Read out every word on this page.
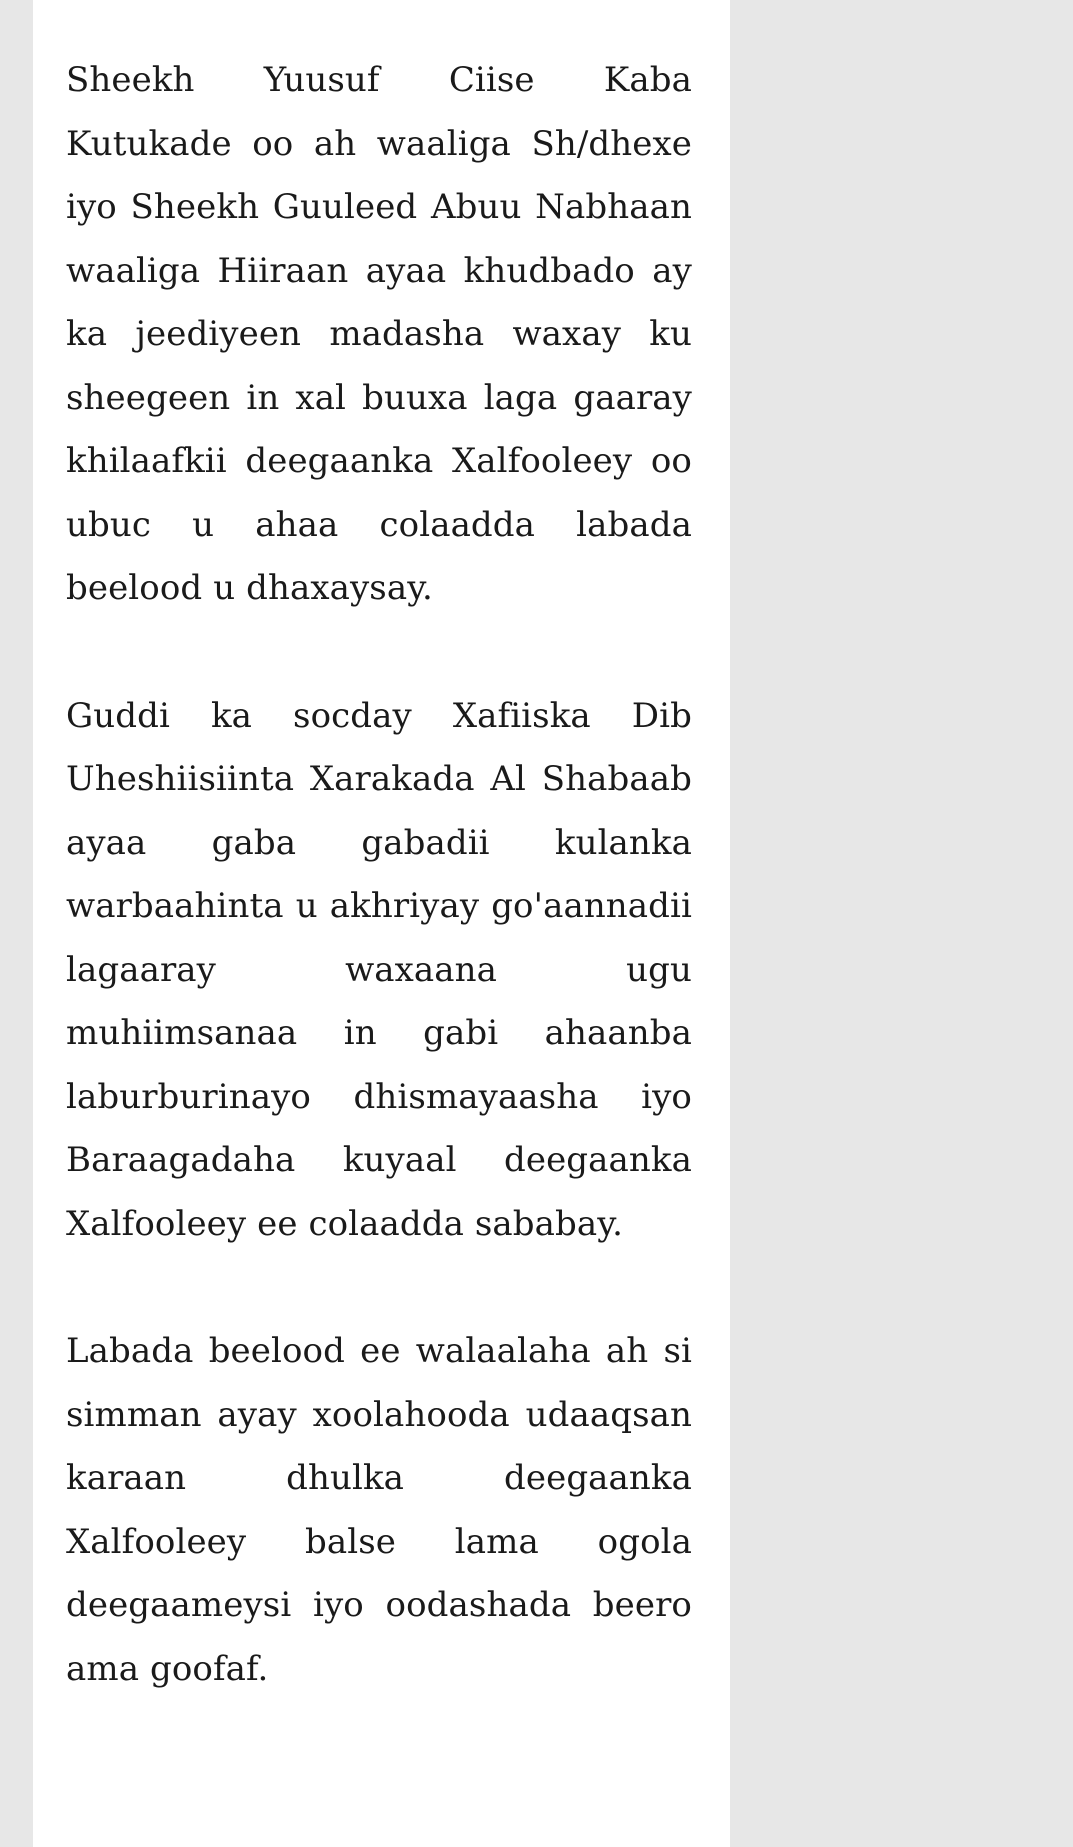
Sheekh Yuusuf Ciise Kaba Kutukade oo ah waaliga Sh/dhexe iyo Sheekh Guuleed Abuu Nabhaan waaliga Hiiraan ayaa khudbado ay ka jeediyeen madasha waxay ku sheegeen in xal buuxa laga gaaray khilaafkii deegaanka Xalfooleey oo ubuc u ahaa colaadda labada beelood u dhaxaysay.

Guddi ka socday Xafiiska Dib Uheshiisiinta Xarakada Al Shabaab ayaa gaba gabadii kulanka warbaahinta u akhriyay go'aannadii lagaaray waxaana ugu muhiimsanaa in gabi ahaanba laburburinayo dhismayaasha iyo Baraagadaha kuyaal deegaanka Xalfooleey ee colaadda sababay.

Labada beelood ee walaalaha ah si simman ayay xoolahooda udaaqsan karaan dhulka deegaanka Xalfooleey balse lama ogola deegaameysi iyo oodashada beero ama goofaf.
